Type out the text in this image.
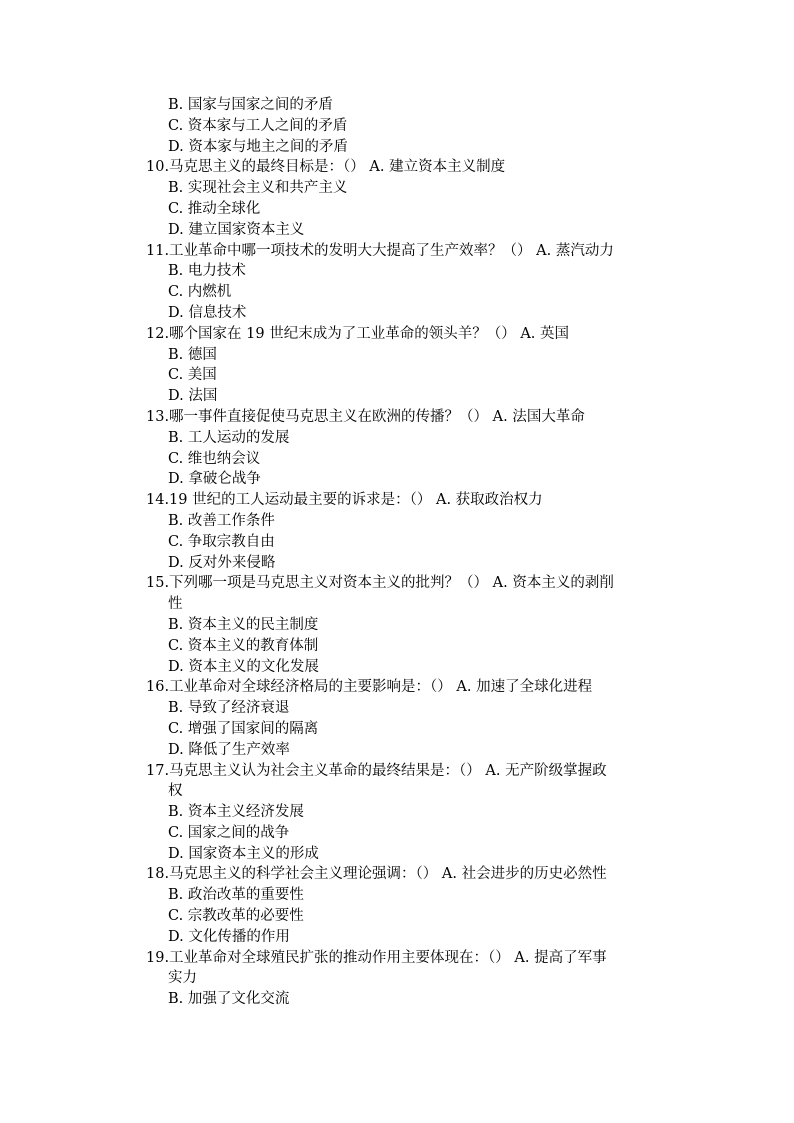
B. 国家与国家之间的矛盾
C. 资本家与工人之间的矛盾
D. 资本家与地主之间的矛盾
10.马克思主义的最终目标是：（） A. 建立资本主义制度
B. 实现社会主义和共产主义
C. 推动全球化
D. 建立国家资本主义
11.工业革命中哪一项技术的发明大大提高了生产效率？（） A. 蒸汽动力
B. 电力技术
C. 内燃机
D. 信息技术
12.哪个国家在 19 世纪末成为了工业革命的领头羊？（） A. 英国
B. 德国
C. 美国
D. 法国
13.哪一事件直接促使马克思主义在欧洲的传播？（） A. 法国大革命
B. 工人运动的发展
C. 维也纳会议
D. 拿破仑战争
14.19 世纪的工人运动最主要的诉求是：（） A. 获取政治权力
B. 改善工作条件
C. 争取宗教自由
D. 反对外来侵略
15.下列哪一项是马克思主义对资本主义的批判？（） A. 资本主义的剥削
性
B. 资本主义的民主制度
C. 资本主义的教育体制
D. 资本主义的文化发展
16.工业革命对全球经济格局的主要影响是：（） A. 加速了全球化进程
B. 导致了经济衰退
C. 增强了国家间的隔离
D. 降低了生产效率
17.马克思主义认为社会主义革命的最终结果是：（） A. 无产阶级掌握政
权
B. 资本主义经济发展
C. 国家之间的战争
D. 国家资本主义的形成
18.马克思主义的科学社会主义理论强调：（） A. 社会进步的历史必然性
B. 政治改革的重要性
C. 宗教改革的必要性
D. 文化传播的作用
19.工业革命对全球殖民扩张的推动作用主要体现在：（） A. 提高了军事
实力
B. 加强了文化交流
